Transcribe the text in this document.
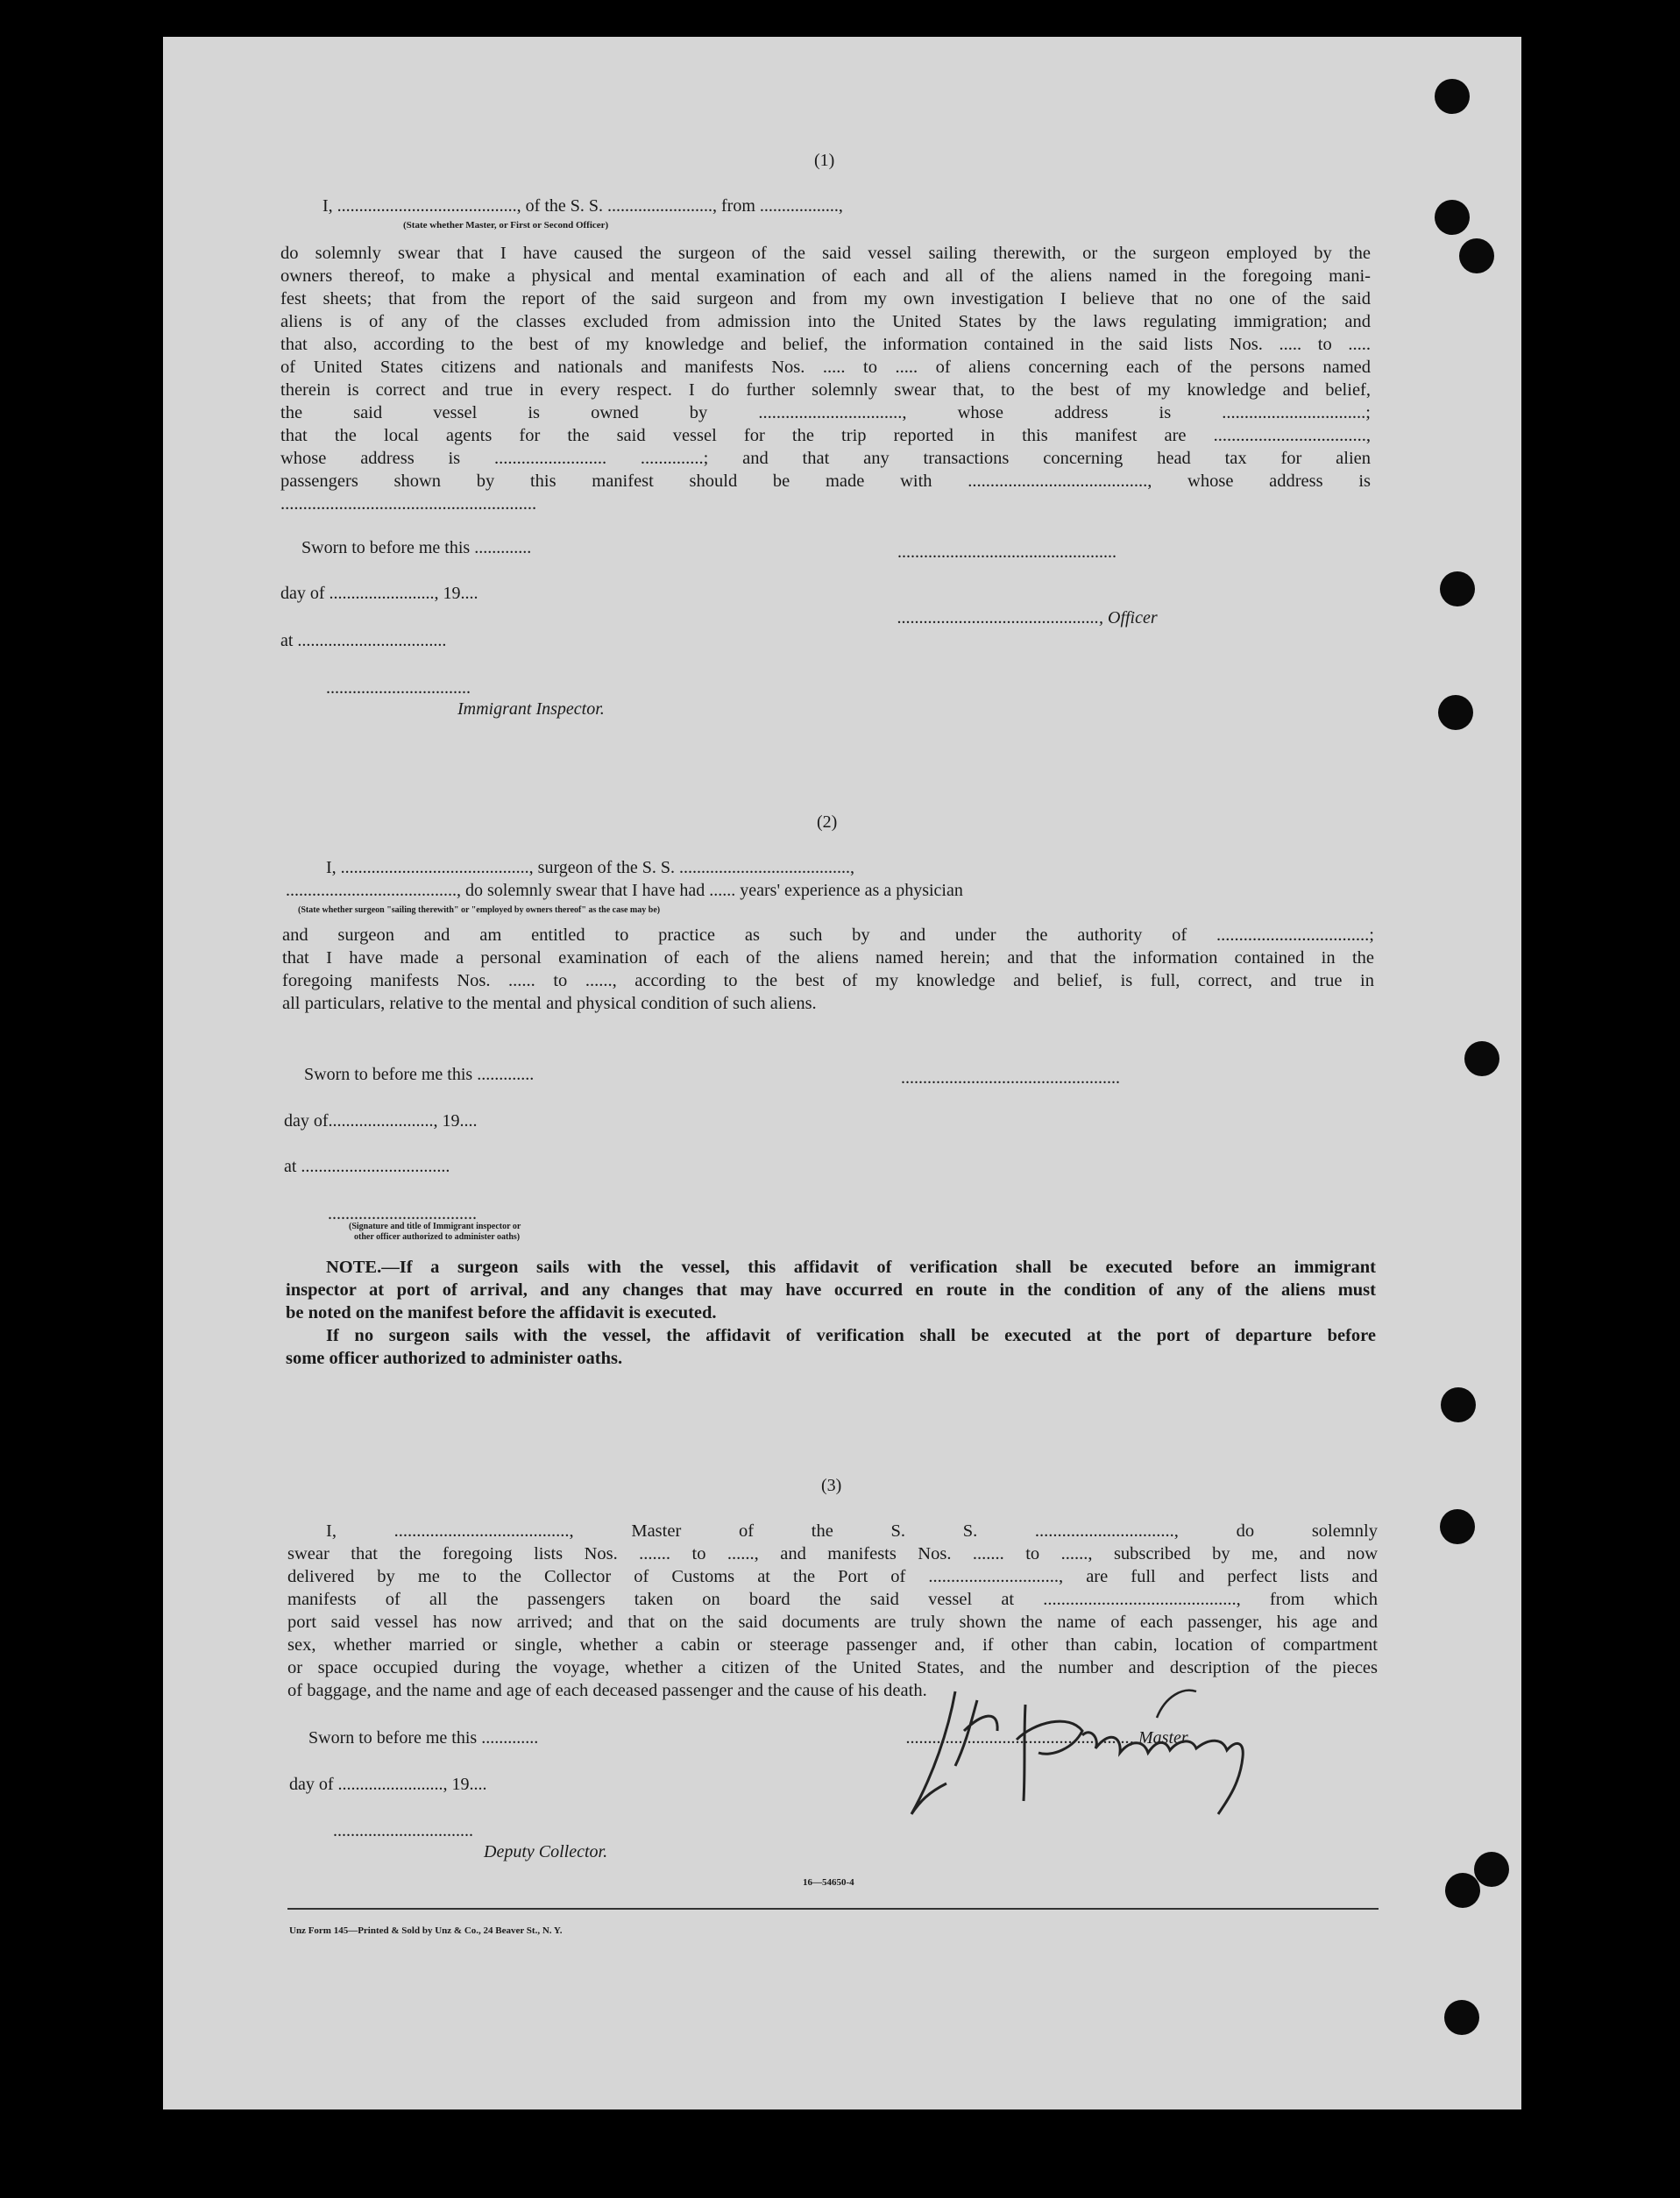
(1)
I, ........................................., of the S. S. ........................, from ..................,
(State whether Master, or First or Second Officer)

do solemnly swear that I have caused the surgeon of the said vessel sailing therewith, or the surgeon employed by the

owners thereof, to make a physical and mental examination of each and all of the aliens named in the foregoing mani-

fest sheets; that from the report of the said surgeon and from my own investigation I believe that no one of the said

aliens is of any of the classes excluded from admission into the United States by the laws regulating immigration; and

that also, according to the best of my knowledge and belief, the information contained in the said lists Nos. ..... to .....

of United States citizens and nationals and manifests Nos. ..... to ..... of aliens concerning each of the persons named

therein is correct and true in every respect. I do further solemnly swear that, to the best of my knowledge and belief,

the said vessel is owned by ................................, whose address is ................................;

that the local agents for the said vessel for the trip reported in this manifest are ..................................,

whose address is ......................... ..............; and that any transactions concerning head tax for alien

passengers shown by this manifest should be made with ........................................, whose address is

.........................................................

Sworn to before me this .............	..................................................
day of ........................, 19....
.............................................., Officer
at ..................................
.................................
Immigrant Inspector.
(2)
I, ..........................................., surgeon of the S. S. .......................................,
......................................., do solemnly swear that I have had ...... years' experience as a physician
(State whether surgeon "sailing therewith" or "employed by owners thereof" as the case may be)

and surgeon and am entitled to practice as such by and under the authority of ..................................;

that I have made a personal examination of each of the aliens named herein; and that the information contained in the

foregoing manifests Nos. ...... to ......, according to the best of my knowledge and belief, is full, correct, and true in

all particulars, relative to the mental and physical condition of such aliens.

Sworn to before me this .............	..................................................
day of........................, 19....
at ..................................
..................................
(Signature and title of Immigrant inspector or
other officer authorized to administer oaths)

NOTE.—If a surgeon sails with the vessel, this affidavit of verification shall be executed before an immigrant

inspector at port of arrival, and any changes that may have occurred en route in the condition of any of the aliens must

be noted on the manifest before the affidavit is executed.

If no surgeon sails with the vessel, the affidavit of verification shall be executed at the port of departure before

some officer authorized to administer oaths.

(3)

I, ......................................., Master of the S. S. ..............................., do solemnly

swear that the foregoing lists Nos. ....... to ......, and manifests Nos. ....... to ......, subscribed by me, and now

delivered by me to the Collector of Customs at the Port of ............................., are full and perfect lists and

manifests of all the passengers taken on board the said vessel at ..........................................., from which

port said vessel has now arrived; and that on the said documents are truly shown the name of each passenger, his age and

sex, whether married or single, whether a cabin or steerage passenger and, if other than cabin, location of compartment

or space occupied during the voyage, whether a citizen of the United States, and the number and description of the pieces

of baggage, and the name and age of each deceased passenger and the cause of his death.

Sworn to before me this .............	..................................................., Master
day of ........................, 19....
................................
Deputy Collector.
16—54650-4
Unz Form 145—Printed & Sold by Unz & Co., 24 Beaver St., N. Y.
